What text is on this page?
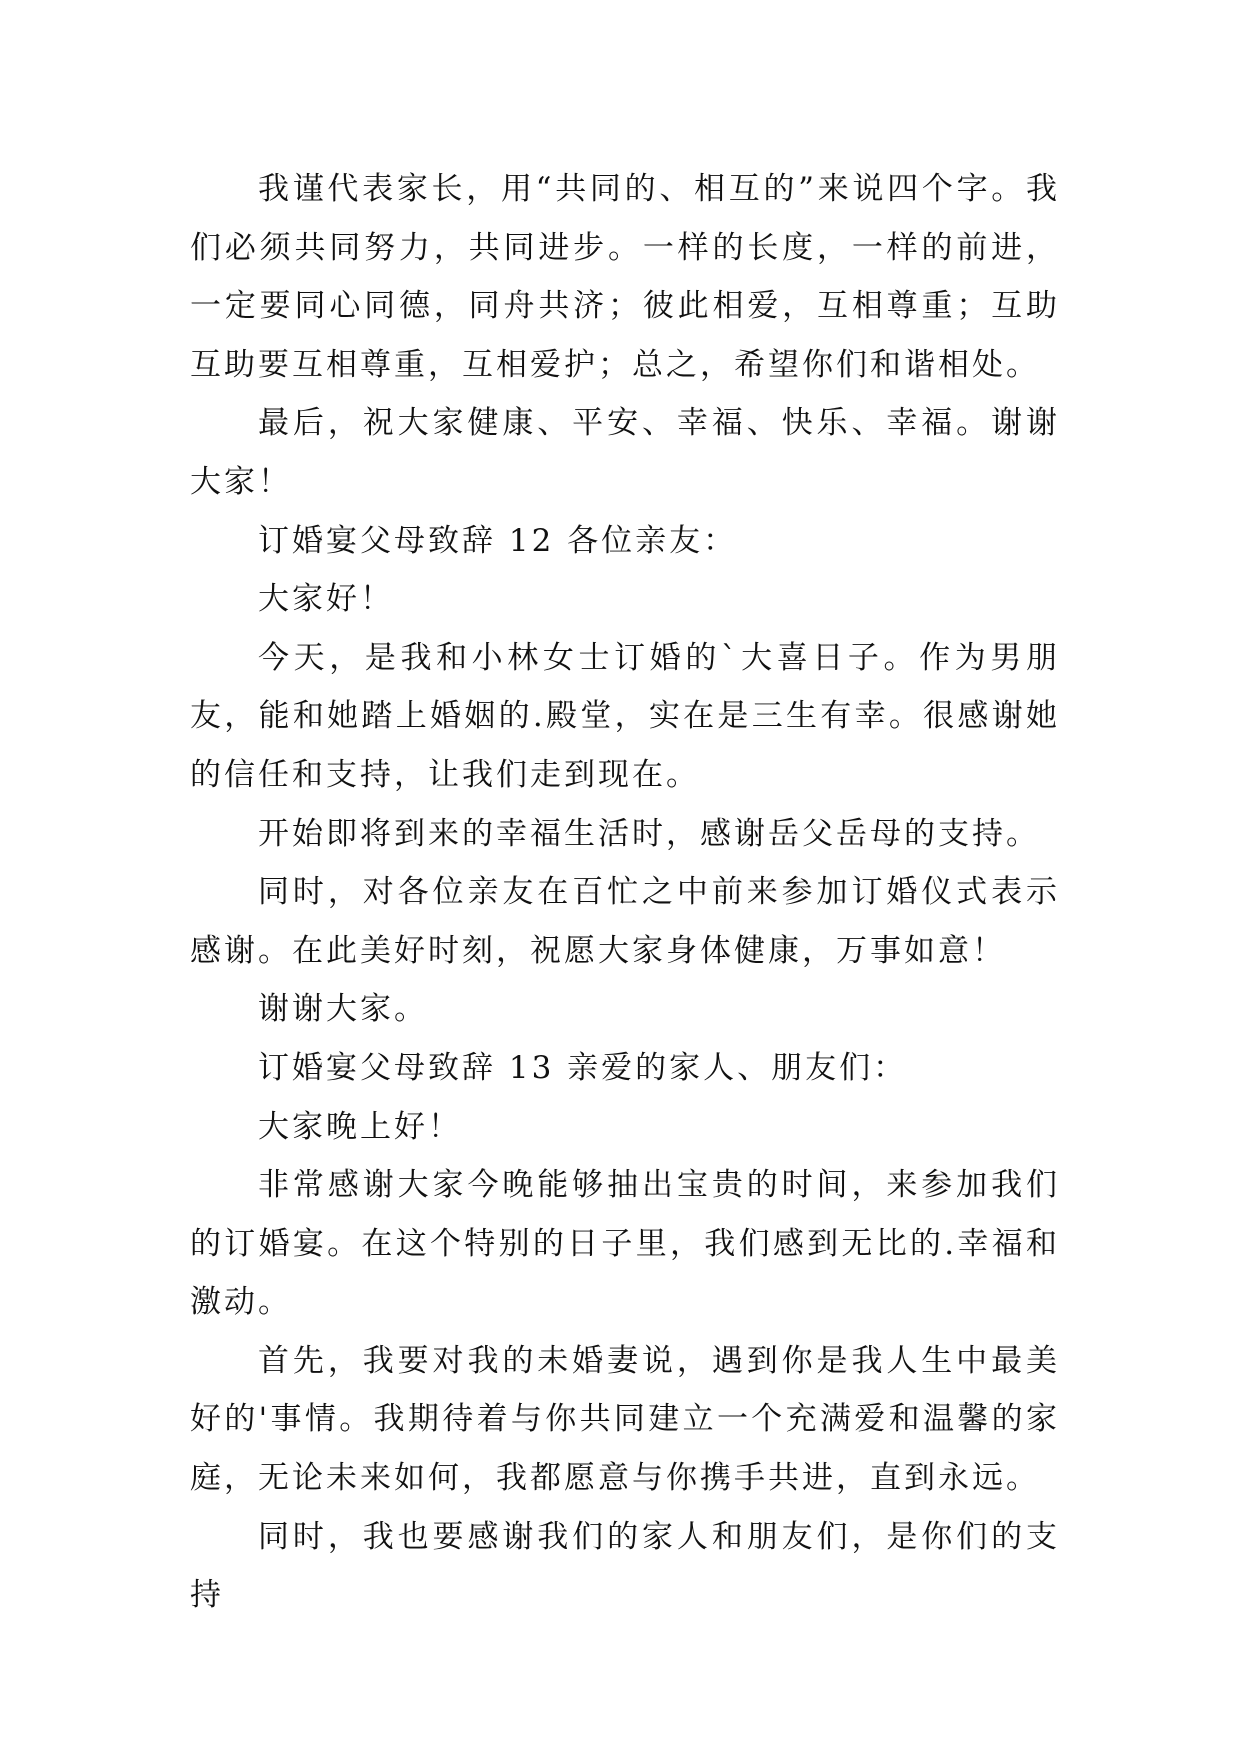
我谨代表家长，用“共同的、相互的”来说四个字。我们必须共同努力，共同进步。一样的长度，一样的前进，一定要同心同德，同舟共济；彼此相爱，互相尊重；互助互助要互相尊重，互相爱护；总之，希望你们和谐相处。

最后，祝大家健康、平安、幸福、快乐、幸福。谢谢大家！

订婚宴父母致辞 12 各位亲友：

大家好！

今天，是我和小林女士订婚的`大喜日子。作为男朋友，能和她踏上婚姻的.殿堂，实在是三生有幸。很感谢她的信任和支持，让我们走到现在。

开始即将到来的幸福生活时，感谢岳父岳母的支持。

同时，对各位亲友在百忙之中前来参加订婚仪式表示感谢。在此美好时刻，祝愿大家身体健康，万事如意！

谢谢大家。

订婚宴父母致辞 13 亲爱的家人、朋友们：

大家晚上好！

非常感谢大家今晚能够抽出宝贵的时间，来参加我们的订婚宴。在这个特别的日子里，我们感到无比的.幸福和激动。

首先，我要对我的未婚妻说，遇到你是我人生中最美好的'事情。我期待着与你共同建立一个充满爱和温馨的家庭，无论未来如何，我都愿意与你携手共进，直到永远。

同时，我也要感谢我们的家人和朋友们，是你们的支持
